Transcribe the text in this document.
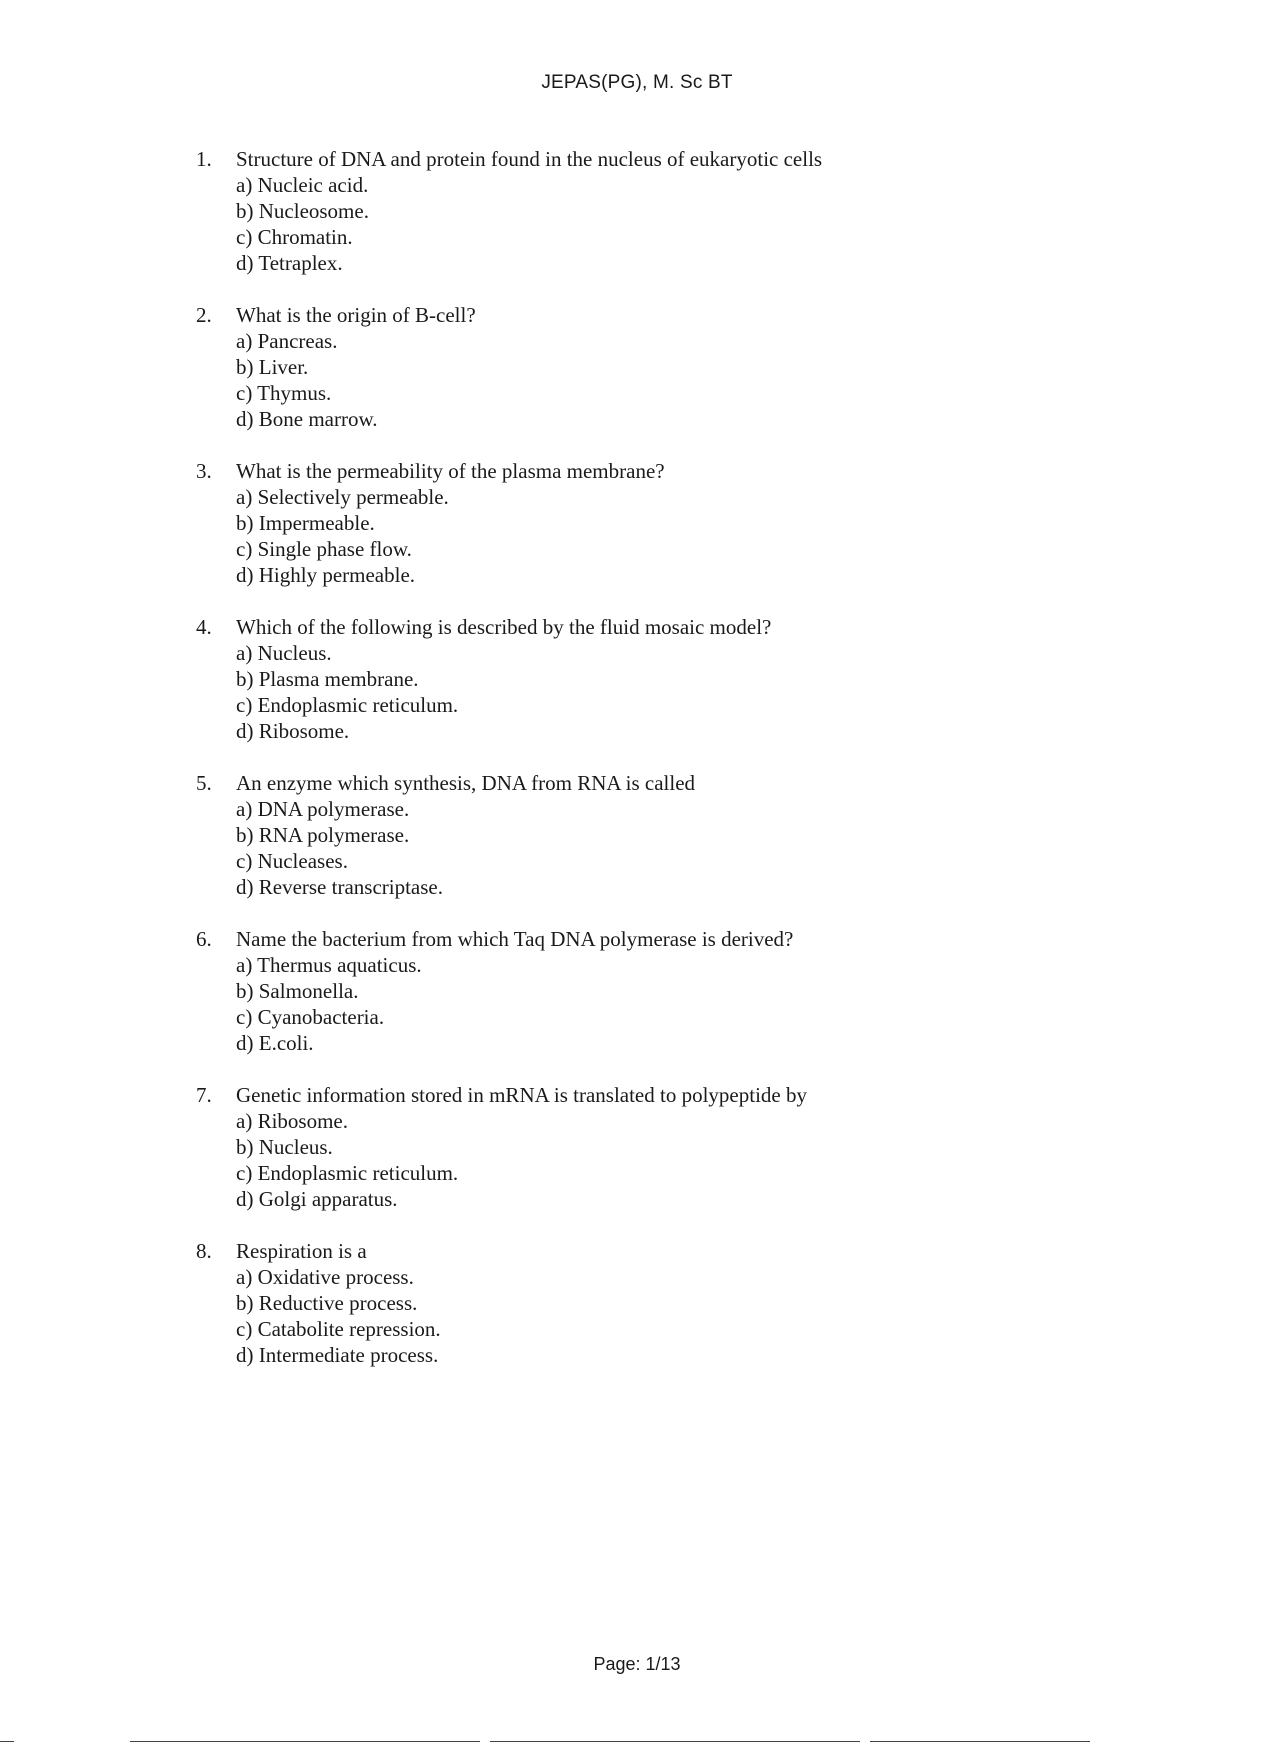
JEPAS(PG), M. Sc BT
1.	Structure of DNA and protein found in the nucleus of eukaryotic cells
a) Nucleic acid.
b) Nucleosome.
c) Chromatin.
d) Tetraplex.
2.	What is the origin of B-cell?
a) Pancreas.
b) Liver.
c) Thymus.
d) Bone marrow.
3.	What is the permeability of the plasma membrane?
a) Selectively permeable.
b) Impermeable.
c) Single phase flow.
d) Highly permeable.
4.	Which of the following is described by the fluid mosaic model?
a) Nucleus.
b) Plasma membrane.
c) Endoplasmic reticulum.
d) Ribosome.
5.	An enzyme which synthesis, DNA from RNA is called
a) DNA polymerase.
b) RNA polymerase.
c) Nucleases.
d) Reverse transcriptase.
6.	Name the bacterium from which Taq DNA polymerase is derived?
a) Thermus aquaticus.
b) Salmonella.
c) Cyanobacteria.
d) E.coli.
7.	Genetic information stored in mRNA is translated to polypeptide by
a) Ribosome.
b) Nucleus.
c) Endoplasmic reticulum.
d) Golgi apparatus.
8.	Respiration is a
a) Oxidative process.
b) Reductive process.
c) Catabolite repression.
d) Intermediate process.
Page: 1/13
